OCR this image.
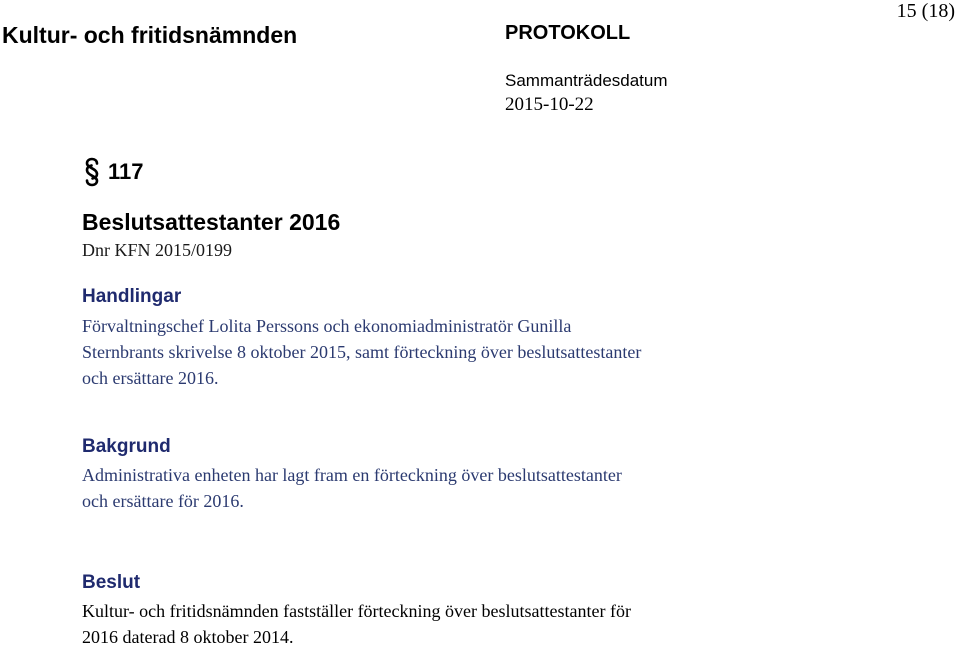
Kultur- och fritidsnämnden	PROTOKOLL
15 (18)
Sammanträdesdatum
2015-10-22
117
Beslutsattestanter 2016
Dnr KFN 2015/0199
Handlingar
Förvaltningschef Lolita Perssons och ekonomiadministratör Gunilla
Sternbrants skrivelse 8 oktober 2015, samt förteckning över beslutsattestanter
och ersättare 2016.
Bakgrund
Administrativa enheten har lagt fram en förteckning över beslutsattestanter
och ersättare för 2016.
Beslut
Kultur- och fritidsnämnden fastställer förteckning över beslutsattestanter för
2016 daterad 8 oktober 2014.
